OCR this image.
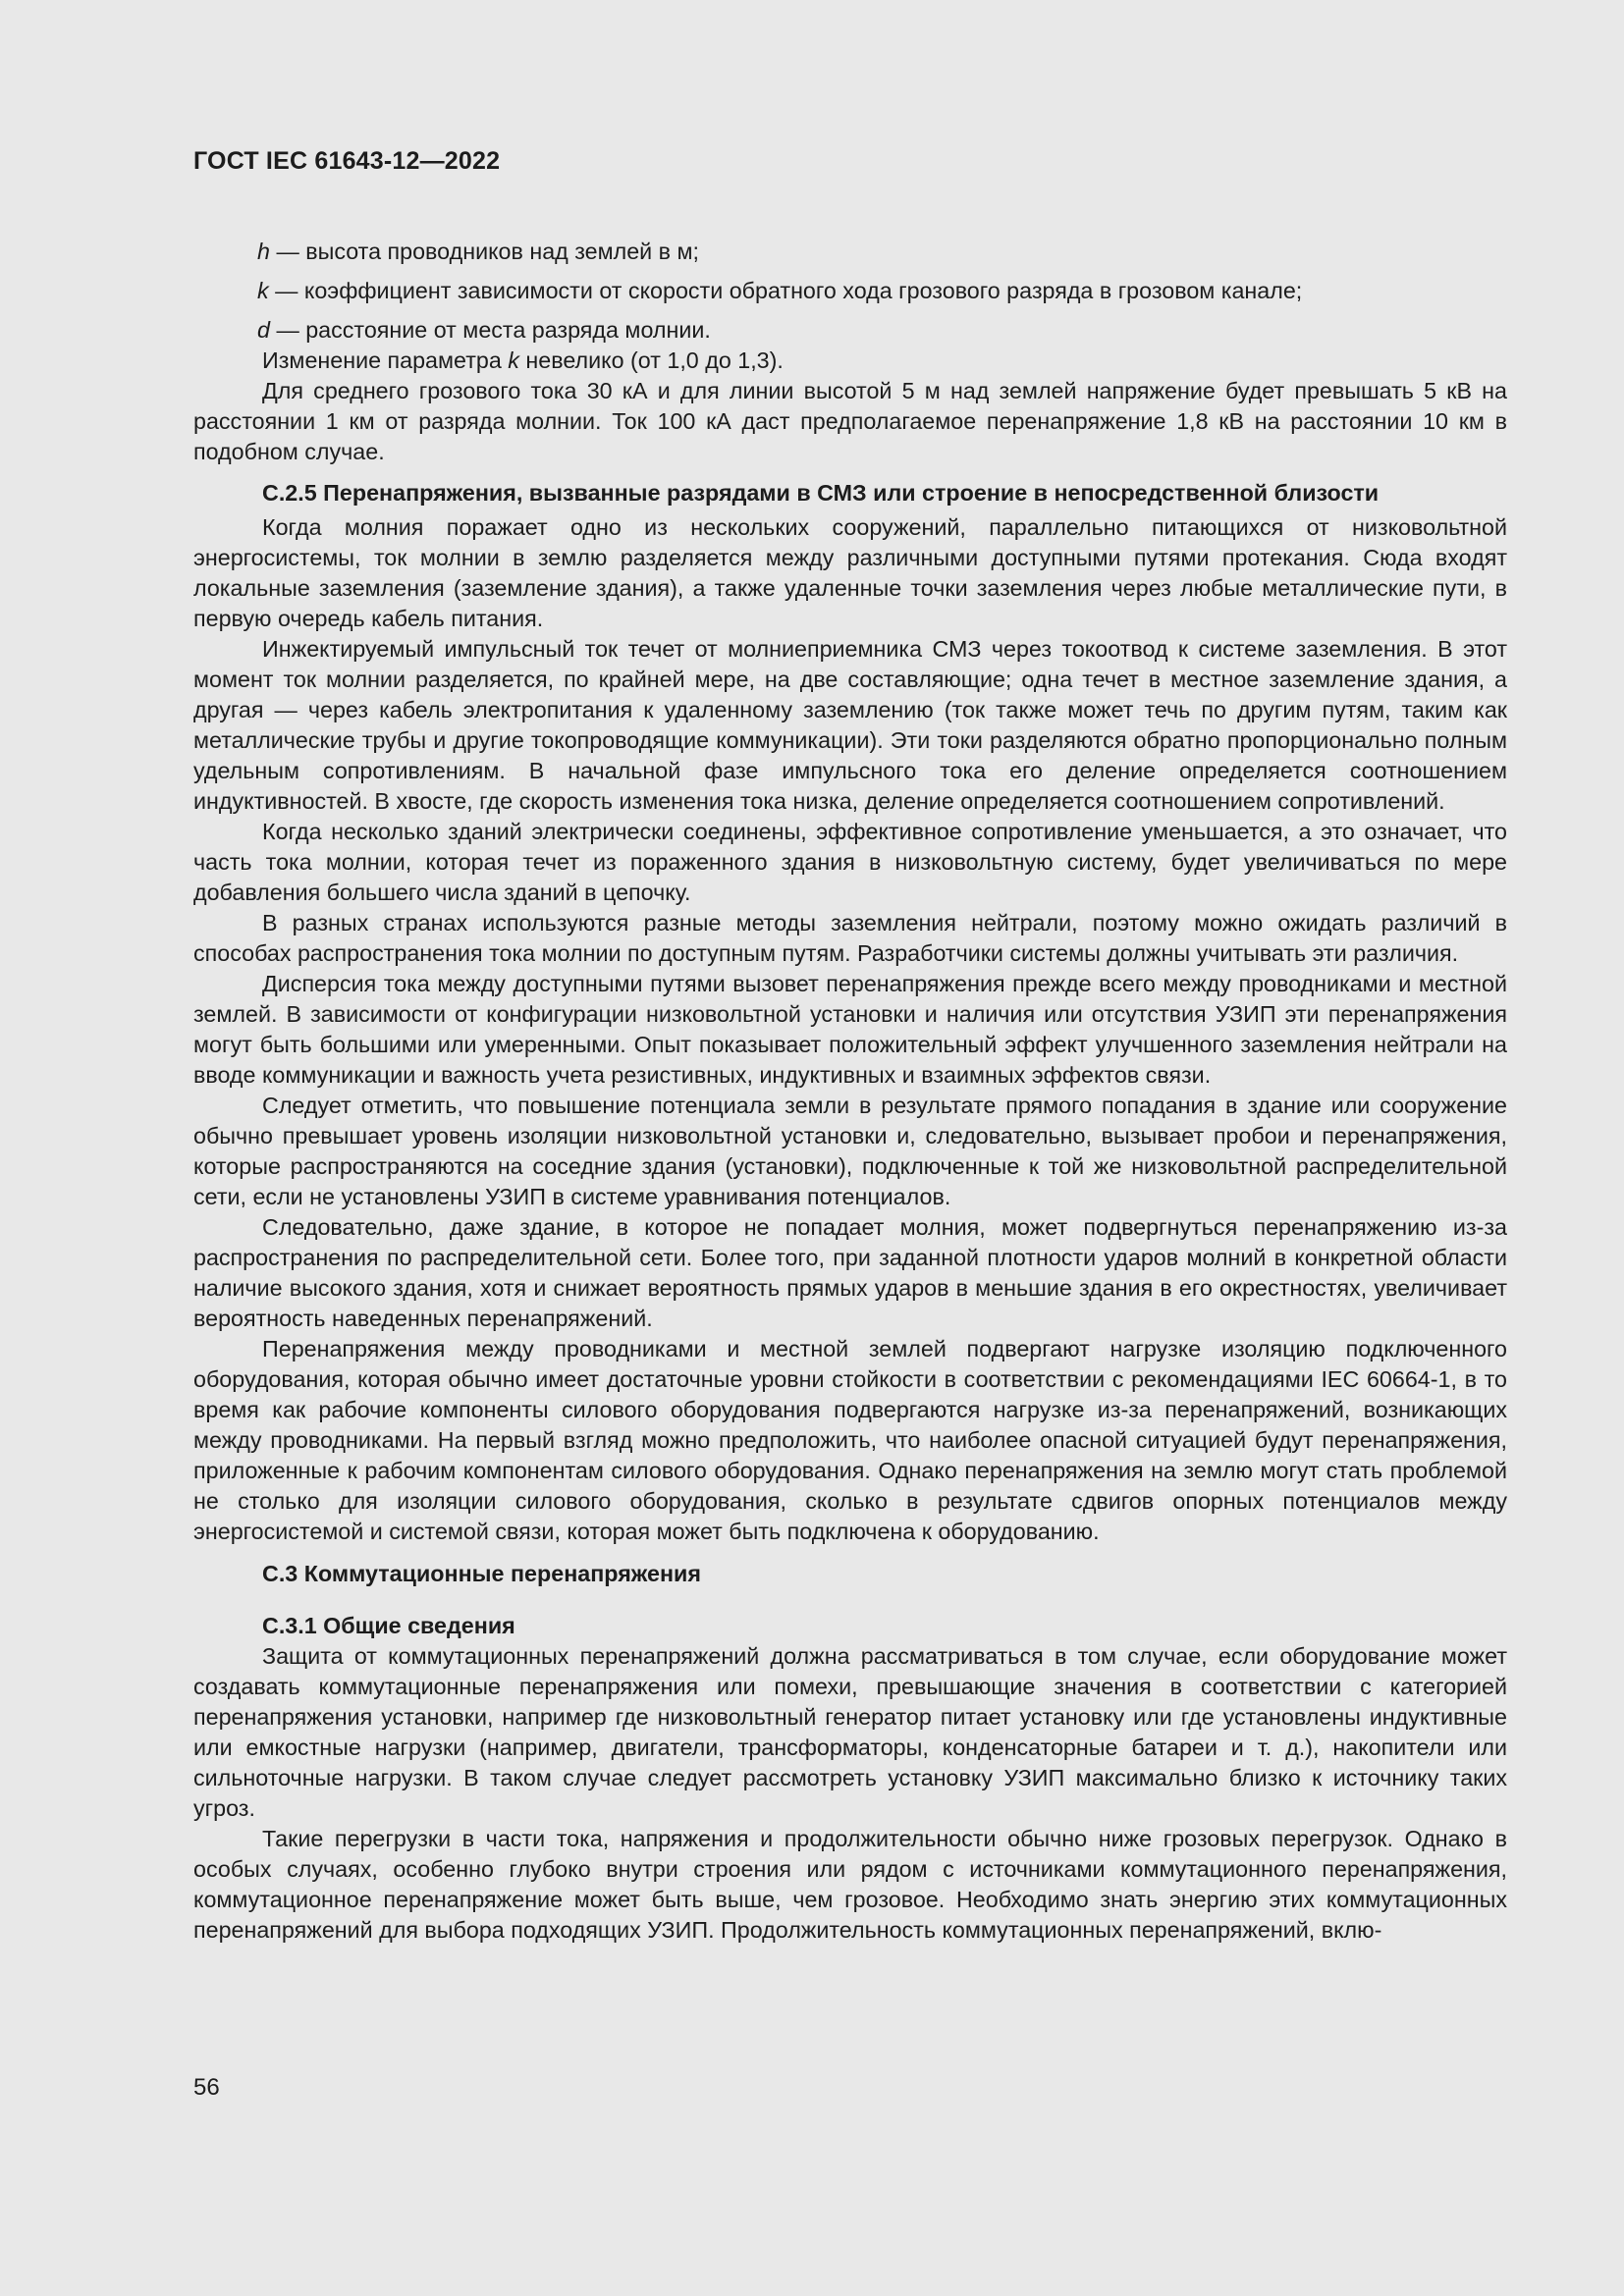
ГОСТ IEC 61643-12—2022
h — высота проводников над землей в м;
k — коэффициент зависимости от скорости обратного хода грозового разряда в грозовом канале;
d — расстояние от места разряда молнии.

Изменение параметра k невелико (от 1,0 до 1,3).

Для среднего грозового тока 30 кА и для линии высотой 5 м над землей напряжение будет превышать 5 кВ на расстоянии 1 км от разряда молнии. Ток 100 кА даст предполагаемое перенапряжение 1,8 кВ на расстоянии 10 км в подобном случае.

С.2.5 Перенапряжения, вызванные разрядами в СМЗ или строение в непосредственной близости

Когда молния поражает одно из нескольких сооружений, параллельно питающихся от низковольтной энергосистемы, ток молнии в землю разделяется между различными доступными путями протекания. Сюда входят локальные заземления (заземление здания), а также удаленные точки заземления через любые металлические пути, в первую очередь кабель питания.

Инжектируемый импульсный ток течет от молниеприемника СМЗ через токоотвод к системе заземления. В этот момент ток молнии разделяется, по крайней мере, на две составляющие; одна течет в местное заземление здания, а другая — через кабель электропитания к удаленному заземлению (ток также может течь по другим путям, таким как металлические трубы и другие токопроводящие коммуникации). Эти токи разделяются обратно пропорционально полным удельным сопротивлениям. В начальной фазе импульсного тока его деление определяется соотношением индуктивностей. В хвосте, где скорость изменения тока низка, деление определяется соотношением сопротивлений.

Когда несколько зданий электрически соединены, эффективное сопротивление уменьшается, а это означает, что часть тока молнии, которая течет из пораженного здания в низковольтную систему, будет увеличиваться по мере добавления большего числа зданий в цепочку.

В разных странах используются разные методы заземления нейтрали, поэтому можно ожидать различий в способах распространения тока молнии по доступным путям. Разработчики системы должны учитывать эти различия.

Дисперсия тока между доступными путями вызовет перенапряжения прежде всего между проводниками и местной землей. В зависимости от конфигурации низковольтной установки и наличия или отсутствия УЗИП эти перенапряжения могут быть большими или умеренными. Опыт показывает положительный эффект улучшенного заземления нейтрали на вводе коммуникации и важность учета резистивных, индуктивных и взаимных эффектов связи.

Следует отметить, что повышение потенциала земли в результате прямого попадания в здание или сооружение обычно превышает уровень изоляции низковольтной установки и, следовательно, вызывает пробои и перенапряжения, которые распространяются на соседние здания (установки), подключенные к той же низковольтной распределительной сети, если не установлены УЗИП в системе уравнивания потенциалов.

Следовательно, даже здание, в которое не попадает молния, может подвергнуться перенапряжению из-за распространения по распределительной сети. Более того, при заданной плотности ударов молний в конкретной области наличие высокого здания, хотя и снижает вероятность прямых ударов в меньшие здания в его окрестностях, увеличивает вероятность наведенных перенапряжений.

Перенапряжения между проводниками и местной землей подвергают нагрузке изоляцию подключенного оборудования, которая обычно имеет достаточные уровни стойкости в соответствии с рекомендациями IEC 60664-1, в то время как рабочие компоненты силового оборудования подвергаются нагрузке из-за перенапряжений, возникающих между проводниками. На первый взгляд можно предположить, что наиболее опасной ситуацией будут перенапряжения, приложенные к рабочим компонентам силового оборудования. Однако перенапряжения на землю могут стать проблемой не столько для изоляции силового оборудования, сколько в результате сдвигов опорных потенциалов между энергосистемой и системой связи, которая может быть подключена к оборудованию.

С.3 Коммутационные перенапряжения
С.3.1 Общие сведения

Защита от коммутационных перенапряжений должна рассматриваться в том случае, если оборудование может создавать коммутационные перенапряжения или помехи, превышающие значения в соответствии с категорией перенапряжения установки, например где низковольтный генератор питает установку или где установлены индуктивные или емкостные нагрузки (например, двигатели, трансформаторы, конденсаторные батареи и т. д.), накопители или сильноточные нагрузки. В таком случае следует рассмотреть установку УЗИП максимально близко к источнику таких угроз.

Такие перегрузки в части тока, напряжения и продолжительности обычно ниже грозовых перегрузок. Однако в особых случаях, особенно глубоко внутри строения или рядом с источниками коммутационного перенапряжения, коммутационное перенапряжение может быть выше, чем грозовое. Необходимо знать энергию этих коммутационных перенапряжений для выбора подходящих УЗИП. Продолжительность коммутационных перенапряжений, вклю-

56
